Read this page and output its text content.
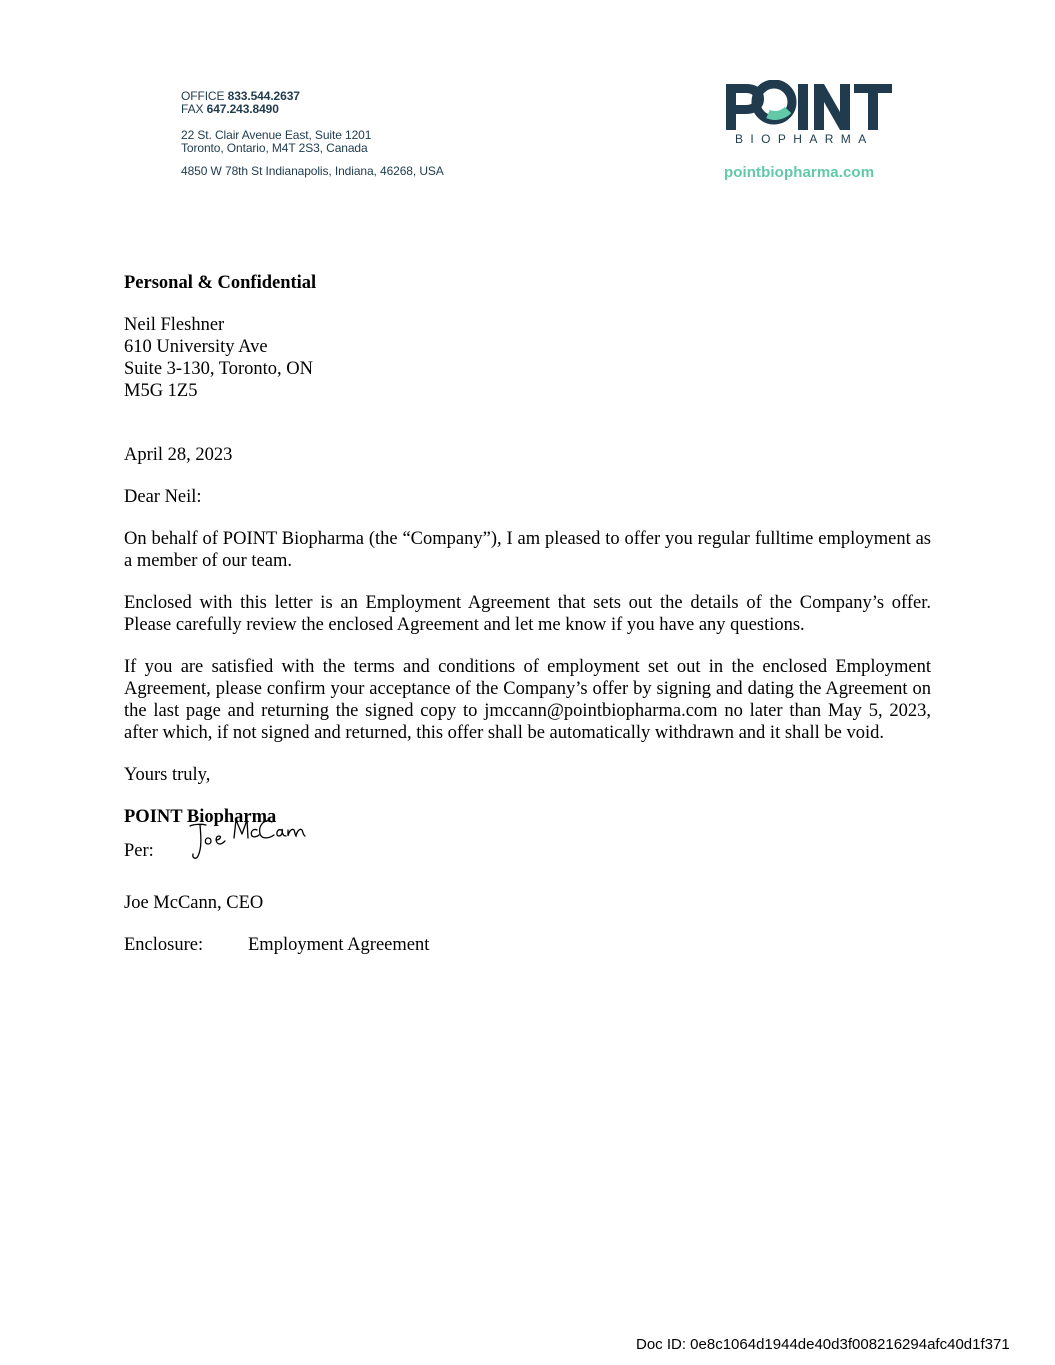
OFFICE 833.544.2637
FAX 647.243.8490
22 St. Clair Avenue East, Suite 1201
Toronto, Ontario, M4T 2S3, Canada
4850 W 78th St Indianapolis, Indiana, 46268, USA
BIOPHARMA
pointbiopharma.com

Personal & Confidential

Neil Fleshner
610 University Ave
Suite 3-130, Toronto, ON
M5G 1Z5

April 28, 2023

Dear Neil:

On behalf of POINT Biopharma (the “Company”), I am pleased to offer you regular fulltime employment as a member of our team.

Enclosed with this letter is an Employment Agreement that sets out the details of the Company’s offer. Please carefully review the enclosed Agreement and let me know if you have any questions.

If you are satisfied with the terms and conditions of employment set out in the enclosed Employment Agreement, please confirm your acceptance of the Company’s offer by signing and dating the Agreement on the last page and returning the signed copy to jmccann@pointbiopharma.com no later than May 5, 2023, after which, if not signed and returned, this offer shall be automatically withdrawn and it shall be void.

Yours truly,

POINT Biopharma

Per:

Joe McCann, CEO

Enclosure:	Employment Agreement
Doc ID: 0e8c1064d1944de40d3f008216294afc40d1f371
